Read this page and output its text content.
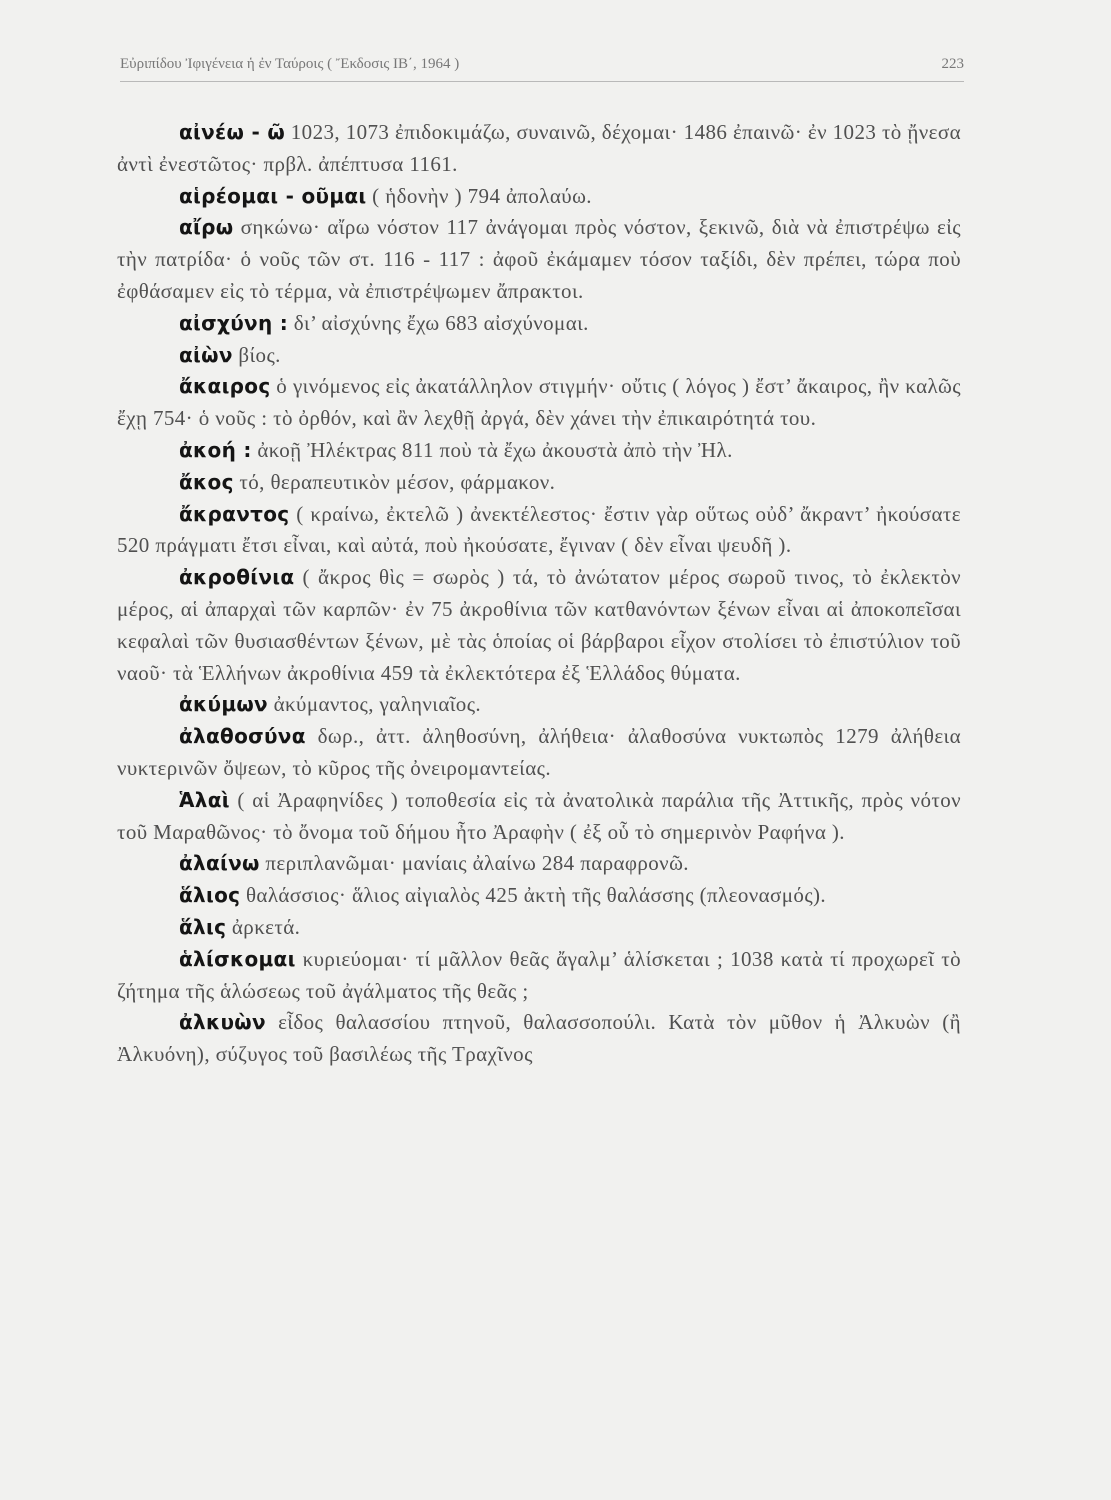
Εὐριπίδου Ἰφιγένεια ἡ ἐν Ταύροις ( Ἔκδοσις ΙΒ΄, 1964 )	223

αἰνέω - ῶ 1023, 1073 ἐπιδοκιμάζω, συναινῶ, δέχομαι· 1486 ἐπαινῶ· ἐν 1023 τὸ ᾔνεσα ἀντὶ ἐνεστῶτος· πρβλ. ἀπέπτυσα 1161.

αἱρέομαι - οῦμαι ( ἡδονὴν ) 794 ἀπολαύω.

αἴρω σηκώνω· αἴρω νόστον 117 ἀνάγομαι πρὸς νόστον, ξεκινῶ, διὰ νὰ ἐπιστρέψω εἰς τὴν πατρίδα· ὁ νοῦς τῶν στ. 116 - 117 : ἀφοῦ ἐκάμαμεν τόσον ταξίδι, δὲν πρέπει, τώρα ποὺ ἐφθάσαμεν εἰς τὸ τέρμα, νὰ ἐπιστρέψωμεν ἄπρακτοι.

αἰσχύνη : δι’ αἰσχύνης ἔχω 683 αἰσχύνομαι.

αἰὼν βίος.

ἄκαιρος ὁ γινόμενος εἰς ἀκατάλληλον στιγμήν· οὔτις ( λόγος ) ἔστ’ ἄκαιρος, ἢν καλῶς ἔχῃ 754· ὁ νοῦς : τὸ ὀρθόν, καὶ ἂν λεχθῇ ἀργά, δὲν χάνει τὴν ἐπικαιρότητά του.

ἀκοή : ἀκοῇ Ἠλέκτρας 811 ποὺ τὰ ἔχω ἀκουστὰ ἀπὸ τὴν Ἠλ.

ἄκος τό, θεραπευτικὸν μέσον, φάρμακον.

ἄκραντος ( κραίνω, ἐκτελῶ ) ἀνεκτέλεστος· ἔστιν γὰρ οὕτως οὐδ’ ἄκραντ’ ἠκούσατε 520 πράγματι ἔτσι εἶναι, καὶ αὐτά, ποὺ ἠκούσατε, ἔγιναν ( δὲν εἶναι ψευδῆ ).

ἀκροθίνια ( ἄκρος θὶς = σωρὸς ) τά, τὸ ἀνώτατον μέρος σωροῦ τινος, τὸ ἐκλεκτὸν μέρος, αἱ ἀπαρχαὶ τῶν καρπῶν· ἐν 75 ἀκροθίνια τῶν κατθανόντων ξένων εἶναι αἱ ἀποκοπεῖσαι κεφαλαὶ τῶν θυσιασθέντων ξένων, μὲ τὰς ὁποίας οἱ βάρβαροι εἶχον στολίσει τὸ ἐπιστύλιον τοῦ ναοῦ· τὰ Ἑλλήνων ἀκροθίνια 459 τὰ ἐκλεκτότερα ἐξ Ἑλλάδος θύματα.

ἀκύμων ἀκύμαντος, γαληνιαῖος.

ἀλαθοσύνα δωρ., ἀττ. ἀληθοσύνη, ἀλήθεια· ἀλαθοσύνα νυκτωπὸς 1279 ἀλήθεια νυκτερινῶν ὄψεων, τὸ κῦρος τῆς ὀνειρομαντείας.

Ἁλαὶ ( αἱ Ἀραφηνίδες ) τοποθεσία εἰς τὰ ἀνατολικὰ παράλια τῆς Ἀττικῆς, πρὸς νότον τοῦ Μαραθῶνος· τὸ ὄνομα τοῦ δήμου ἦτο Ἀραφὴν ( ἐξ οὗ τὸ σημερινὸν Ραφήνα ).

ἀλαίνω περιπλανῶμαι· μανίαις ἀλαίνω 284 παραφρονῶ.

ἅλιος θαλάσσιος· ἅλιος αἰγιαλὸς 425 ἀκτὴ τῆς θαλάσσης (πλεονασμός).

ἅλις ἀρκετά.

ἁλίσκομαι κυριεύομαι· τί μᾶλλον θεᾶς ἄγαλμ’ ἁλίσκεται ; 1038 κατὰ τί προχωρεῖ τὸ ζήτημα τῆς ἁλώσεως τοῦ ἀγάλματος τῆς θεᾶς ;

ἀλκυὼν εἶδος θαλασσίου πτηνοῦ, θαλασσοπούλι. Κατὰ τὸν μῦθον ἡ Ἀλκυὼν (ἢ Ἀλκυόνη), σύζυγος τοῦ βασιλέως τῆς Τραχῖνος
